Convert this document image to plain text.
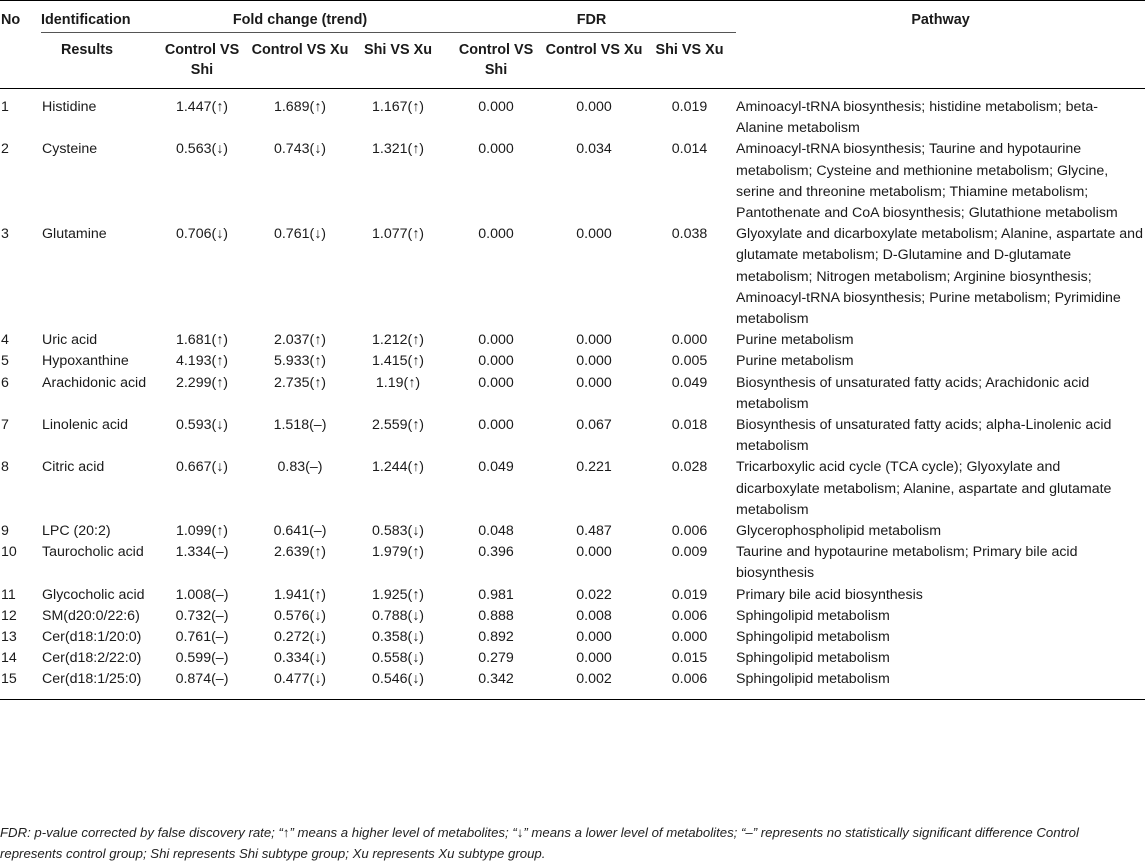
No	Identification	Fold change (trend)			FDR			Pathway
	Results	Control VS Shi	Control VS Xu	Shi VS Xu	Control VS Shi	Control VS Xu	Shi VS Xu	
1	Histidine	1.447(↑)	1.689(↑)	1.167(↑)	0.000	0.000	0.019	Aminoacyl-tRNA biosynthesis; histidine metabolism; beta-Alanine metabolism
2	Cysteine	0.563(↓)	0.743(↓)	1.321(↑)	0.000	0.034	0.014	Aminoacyl-tRNA biosynthesis; Taurine and hypotaurine metabolism; Cysteine and methionine metabolism; Glycine, serine and threonine metabolism; Thiamine metabolism; Pantothenate and CoA biosynthesis; Glutathione metabolism
3	Glutamine	0.706(↓)	0.761(↓)	1.077(↑)	0.000	0.000	0.038	Glyoxylate and dicarboxylate metabolism; Alanine, aspartate and glutamate metabolism; D-Glutamine and D-glutamate metabolism; Nitrogen metabolism; Arginine biosynthesis; Aminoacyl-tRNA biosynthesis; Purine metabolism; Pyrimidine metabolism
4	Uric acid	1.681(↑)	2.037(↑)	1.212(↑)	0.000	0.000	0.000	Purine metabolism
5	Hypoxanthine	4.193(↑)	5.933(↑)	1.415(↑)	0.000	0.000	0.005	Purine metabolism
6	Arachidonic acid	2.299(↑)	2.735(↑)	1.19(↑)	0.000	0.000	0.049	Biosynthesis of unsaturated fatty acids; Arachidonic acid metabolism
7	Linolenic acid	0.593(↓)	1.518(–)	2.559(↑)	0.000	0.067	0.018	Biosynthesis of unsaturated fatty acids; alpha-Linolenic acid metabolism
8	Citric acid	0.667(↓)	0.83(–)	1.244(↑)	0.049	0.221	0.028	Tricarboxylic acid cycle (TCA cycle); Glyoxylate and dicarboxylate metabolism; Alanine, aspartate and glutamate metabolism
9	LPC (20:2)	1.099(↑)	0.641(–)	0.583(↓)	0.048	0.487	0.006	Glycerophospholipid metabolism
10	Taurocholic acid	1.334(–)	2.639(↑)	1.979(↑)	0.396	0.000	0.009	Taurine and hypotaurine metabolism; Primary bile acid biosynthesis
11	Glycocholic acid	1.008(–)	1.941(↑)	1.925(↑)	0.981	0.022	0.019	Primary bile acid biosynthesis
12	SM(d20:0/22:6)	0.732(–)	0.576(↓)	0.788(↓)	0.888	0.008	0.006	Sphingolipid metabolism
13	Cer(d18:1/20:0)	0.761(–)	0.272(↓)	0.358(↓)	0.892	0.000	0.000	Sphingolipid metabolism
14	Cer(d18:2/22:0)	0.599(–)	0.334(↓)	0.558(↓)	0.279	0.000	0.015	Sphingolipid metabolism
15	Cer(d18:1/25:0)	0.874(–)	0.477(↓)	0.546(↓)	0.342	0.002	0.006	Sphingolipid metabolism
FDR: p-value corrected by false discovery rate; “↑” means a higher level of metabolites; “↓” means a lower level of metabolites; “–” represents no statistically significant difference Control represents control group; Shi represents Shi subtype group; Xu represents Xu subtype group.
